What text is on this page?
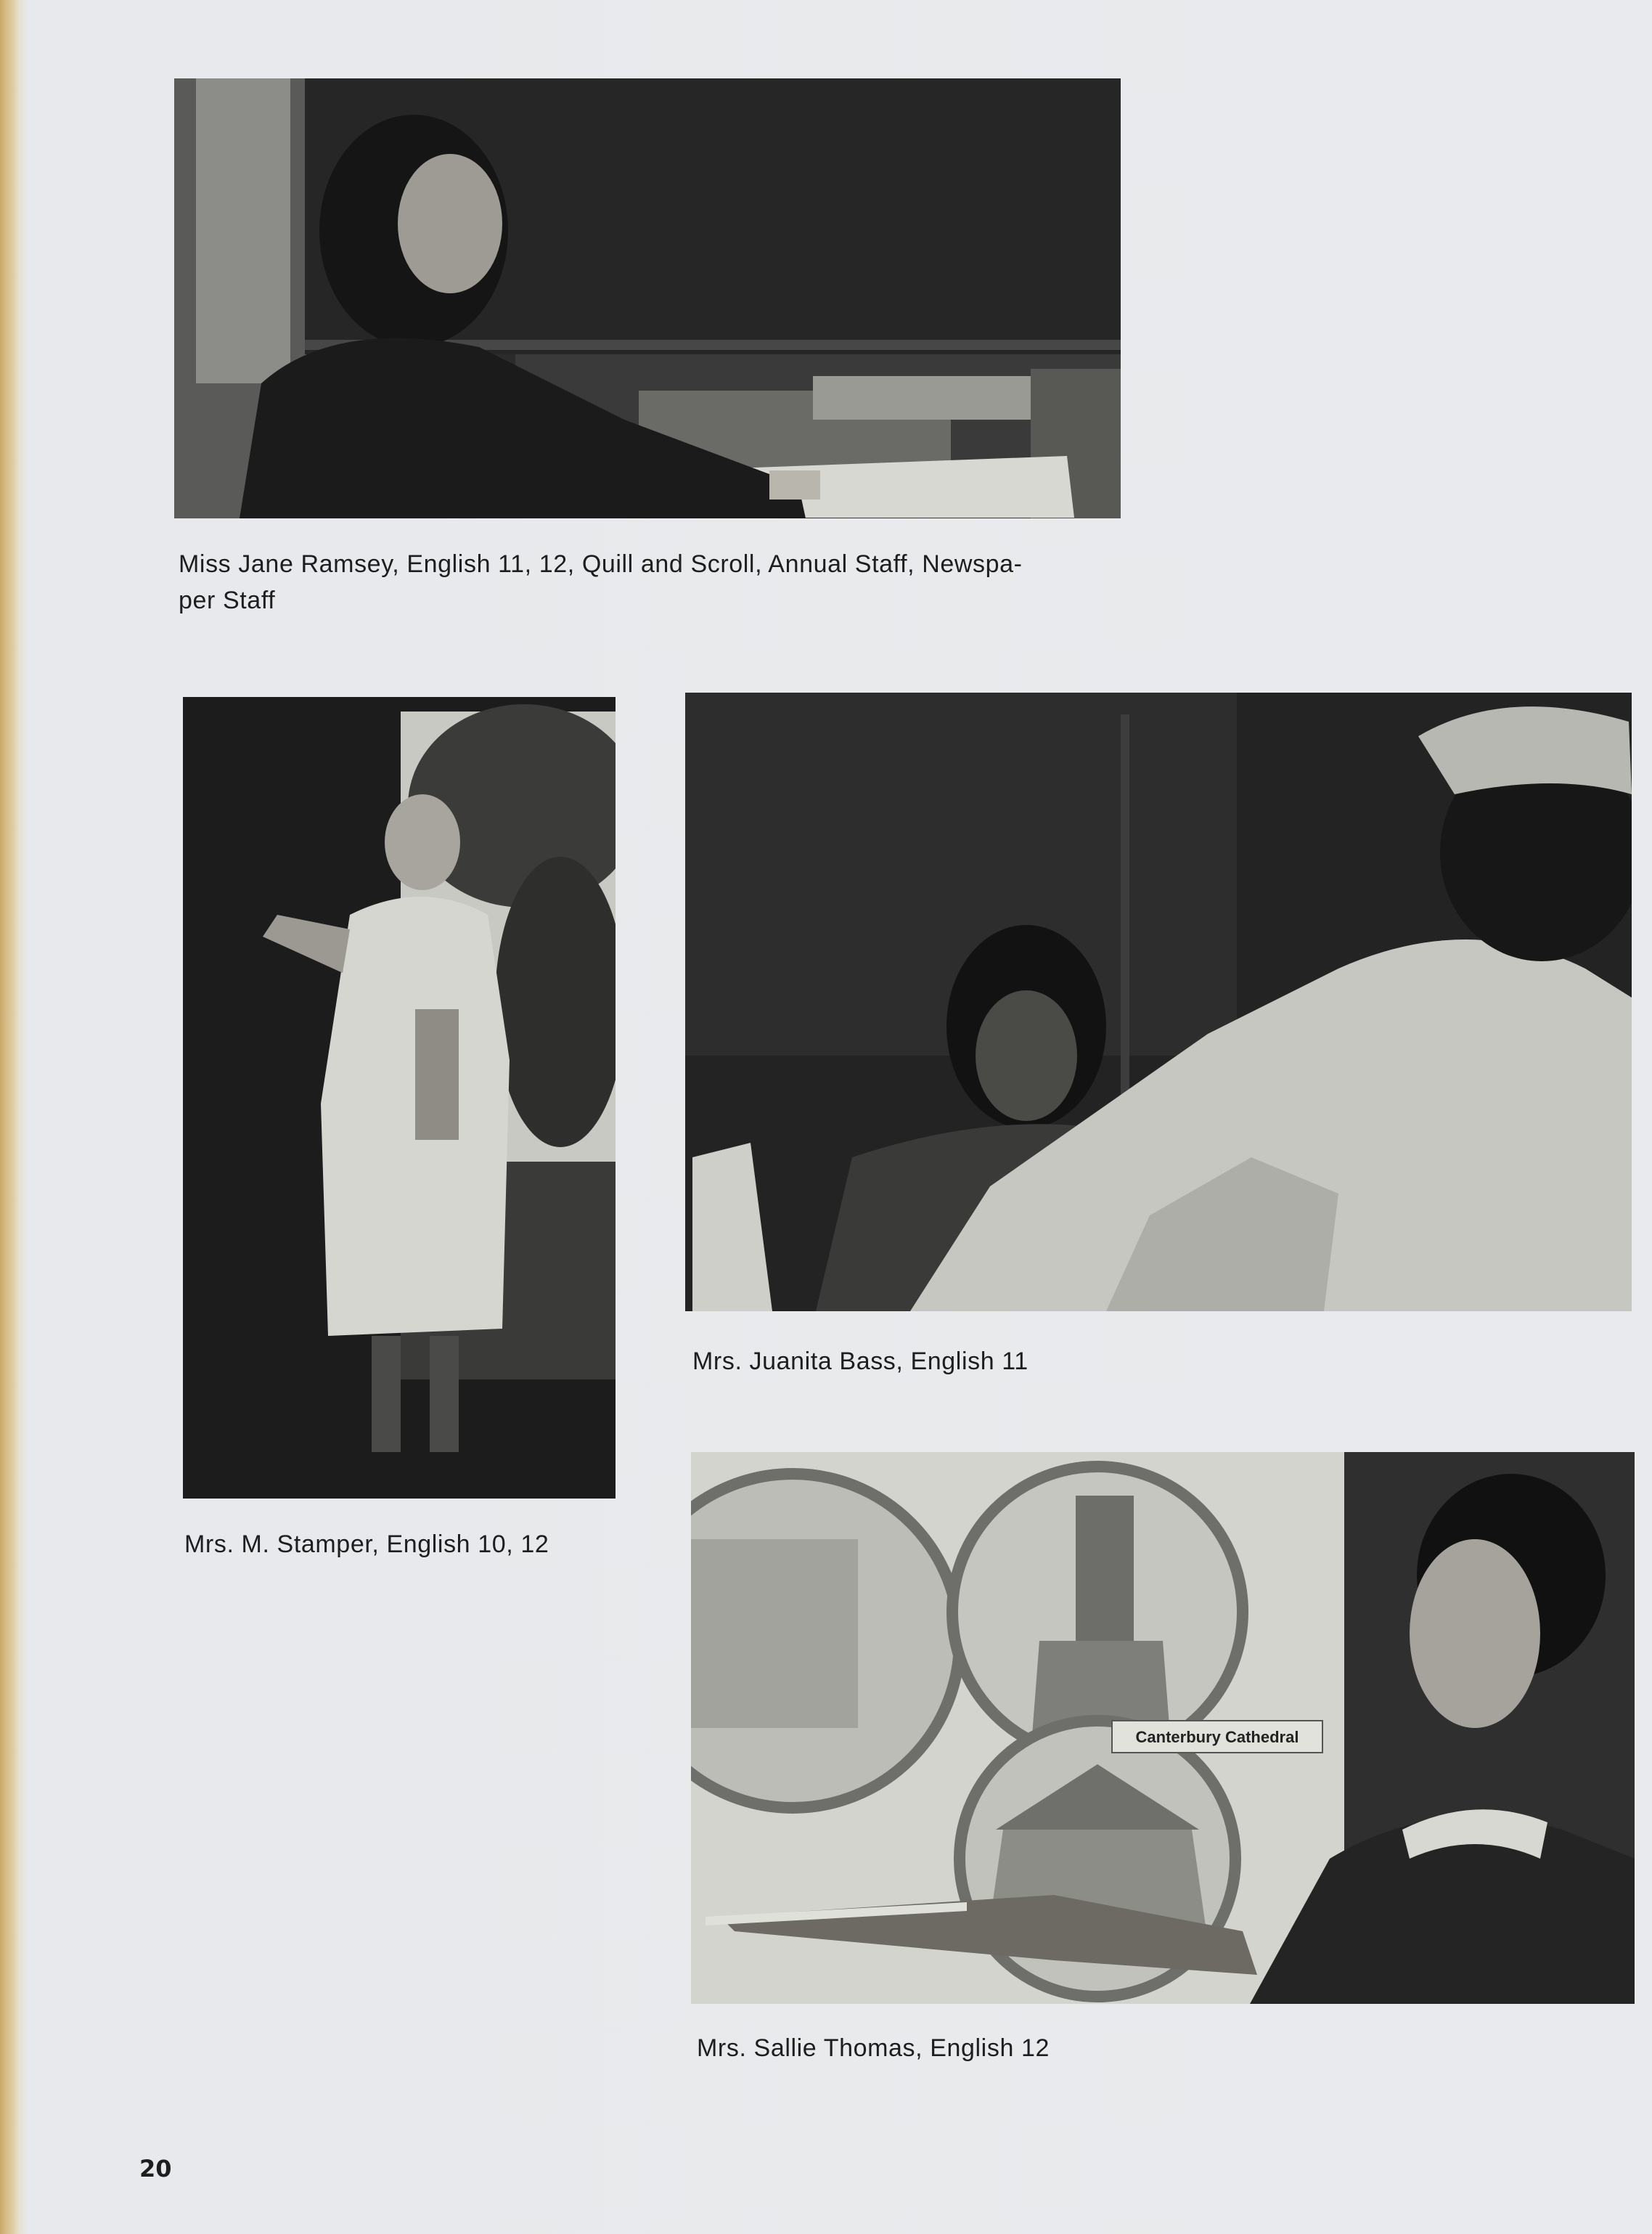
Miss Jane Ramsey, English 11, 12, Quill and Scroll, Annual Staff, Newspa-
per Staff
Mrs. M. Stamper, English 10, 12
Mrs. Juanita Bass, English 11
Canterbury Cathedral
Mrs. Sallie Thomas, English 12
20
